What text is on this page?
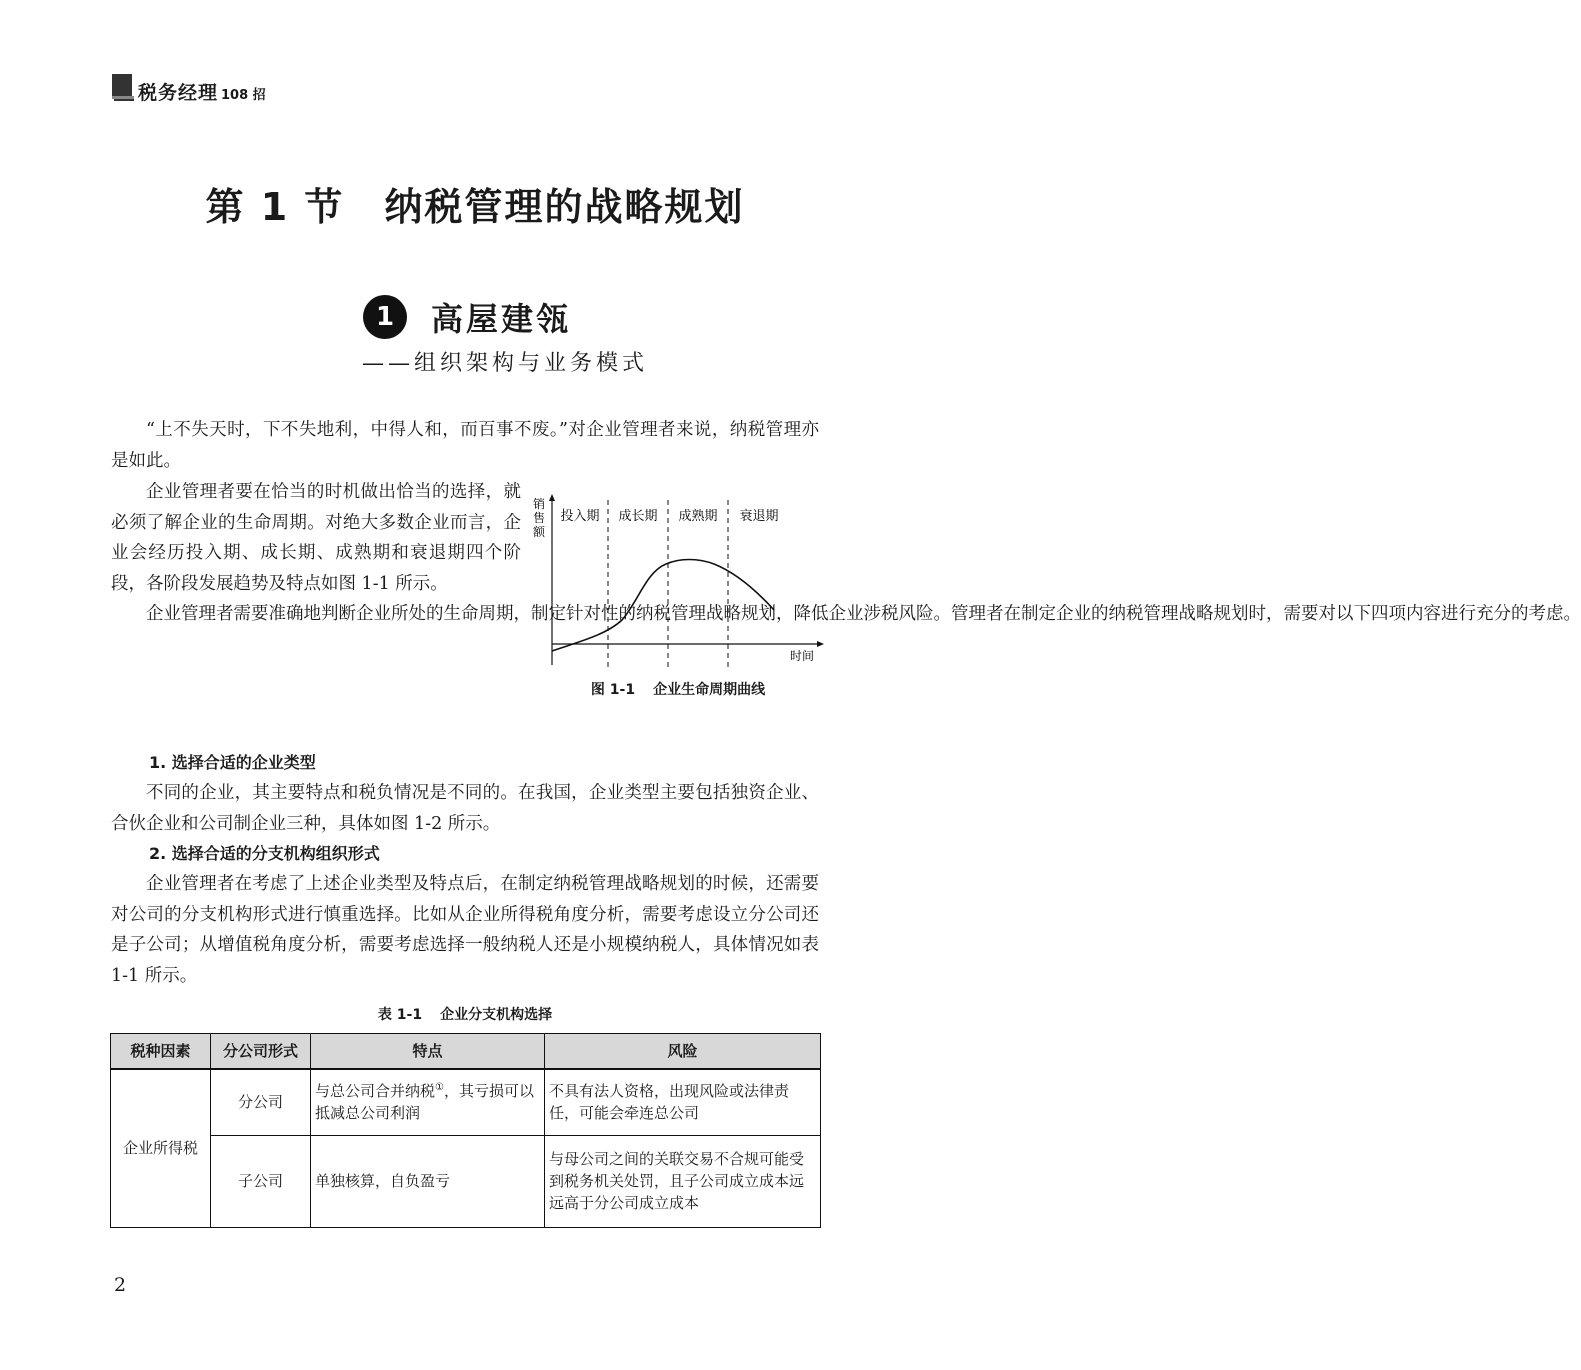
税务经理 108 招
第 1 节 纳税管理的战略规划
1	高屋建瓴
——组织架构与业务模式

“上不失天时，下不失地利，中得人和，而百事不废。”对企业管理者来说，纳税管理亦是如此。

企业管理者要在恰当的时机做出恰当的选择，就必须了解企业的生命周期。对绝大多数企业而言，企业会经历投入期、成长期、成熟期和衰退期四个阶段，各阶段发展趋势及特点如图 1-1 所示。

企业管理者需要准确地判断企业所处的生命周期，制定针对性的纳税管理战略规划，降低企业涉税风险。管理者在制定企业的纳税管理战略规划时，需要对以下四项内容进行充分的考虑。

销
售
额
投入期 成长期 成熟期 衰退期
时间
图 1-1 企业生命周期曲线

1. 选择合适的企业类型

不同的企业，其主要特点和税负情况是不同的。在我国，企业类型主要包括独资企业、合伙企业和公司制企业三种，具体如图 1-2 所示。

2. 选择合适的分支机构组织形式

企业管理者在考虑了上述企业类型及特点后，在制定纳税管理战略规划的时候，还需要对公司的分支机构形式进行慎重选择。比如从企业所得税角度分析，需要考虑设立分公司还是子公司；从增值税角度分析，需要考虑选择一般纳税人还是小规模纳税人，具体情况如表 1-1 所示。

表 1-1 企业分支机构选择
税种因素	分公司形式	特点	风险
企业所得税	分公司	与总公司合并纳税①，其亏损可以抵减总公司利润	不具有法人资格，出现风险或法律责任，可能会牵连总公司
	子公司	单独核算，自负盈亏	与母公司之间的关联交易不合规可能受到税务机关处罚，且子公司成立成本远远高于分公司成立成本
2
